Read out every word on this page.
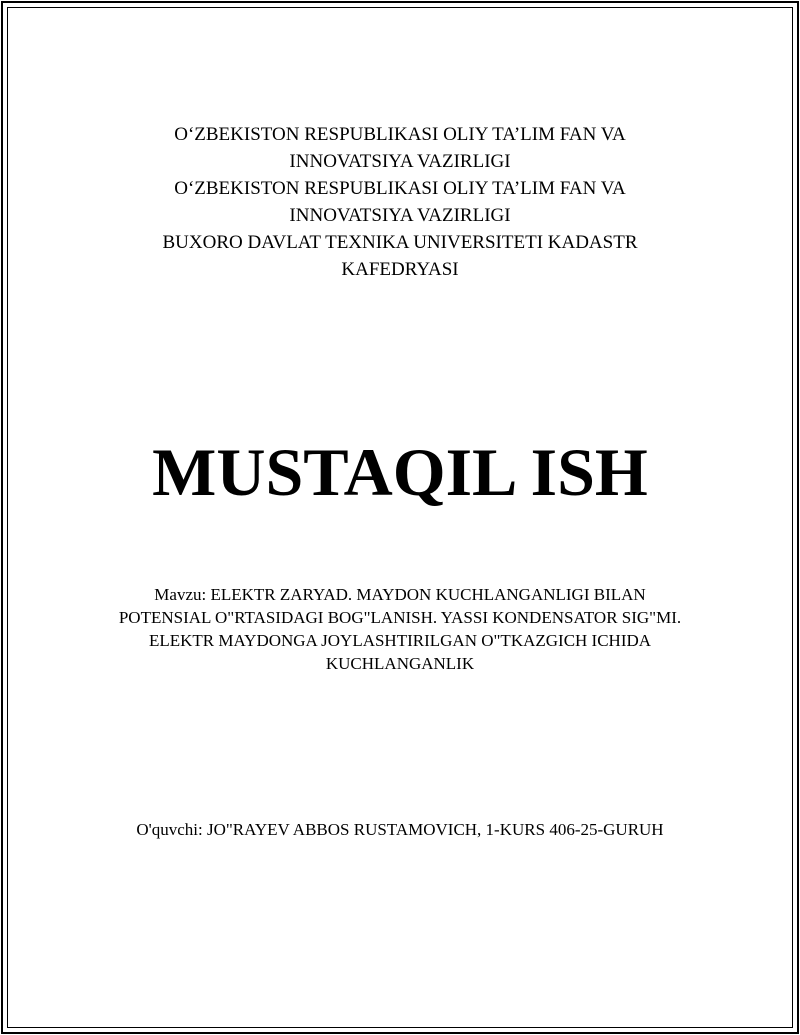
O‘ZBEKISTON RESPUBLIKASI OLIY TA’LIM FAN VA
INNOVATSIYA VAZIRLIGI
O‘ZBEKISTON RESPUBLIKASI OLIY TA’LIM FAN VA
INNOVATSIYA VAZIRLIGI
BUXORO DAVLAT TEXNIKA UNIVERSITETI KADASTR
KAFEDRYASI
MUSTAQIL ISH
Mavzu: ELEKTR ZARYAD. MAYDON KUCHLANGANLIGI BILAN POTENSIAL O"RTASIDAGI BOG"LANISH. YASSI KONDENSATOR SIG"MI. ELEKTR MAYDONGA JOYLASHTIRILGAN O"TKAZGICH ICHIDA KUCHLANGANLIK
O'quvchi: JO"RAYEV ABBOS RUSTAMOVICH, 1-KURS 406-25-GURUH
